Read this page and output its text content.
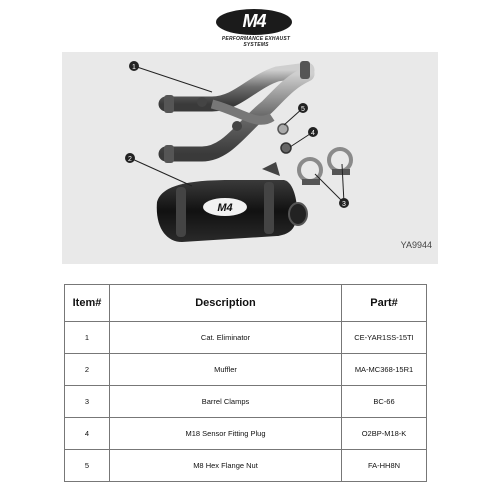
M4
PERFORMANCE EXHAUST SYSTEMS
M4
1
2
3
4
5
YA9944
Item#	Description	Part#
1	Cat. Eliminator	CE-YAR1SS-15TI
2	Muffler	MA-MC368-15R1
3	Barrel Clamps	BC-66
4	M18 Sensor Fitting Plug	O2BP-M18-K
5	M8 Hex Flange Nut	FA-HH8N
